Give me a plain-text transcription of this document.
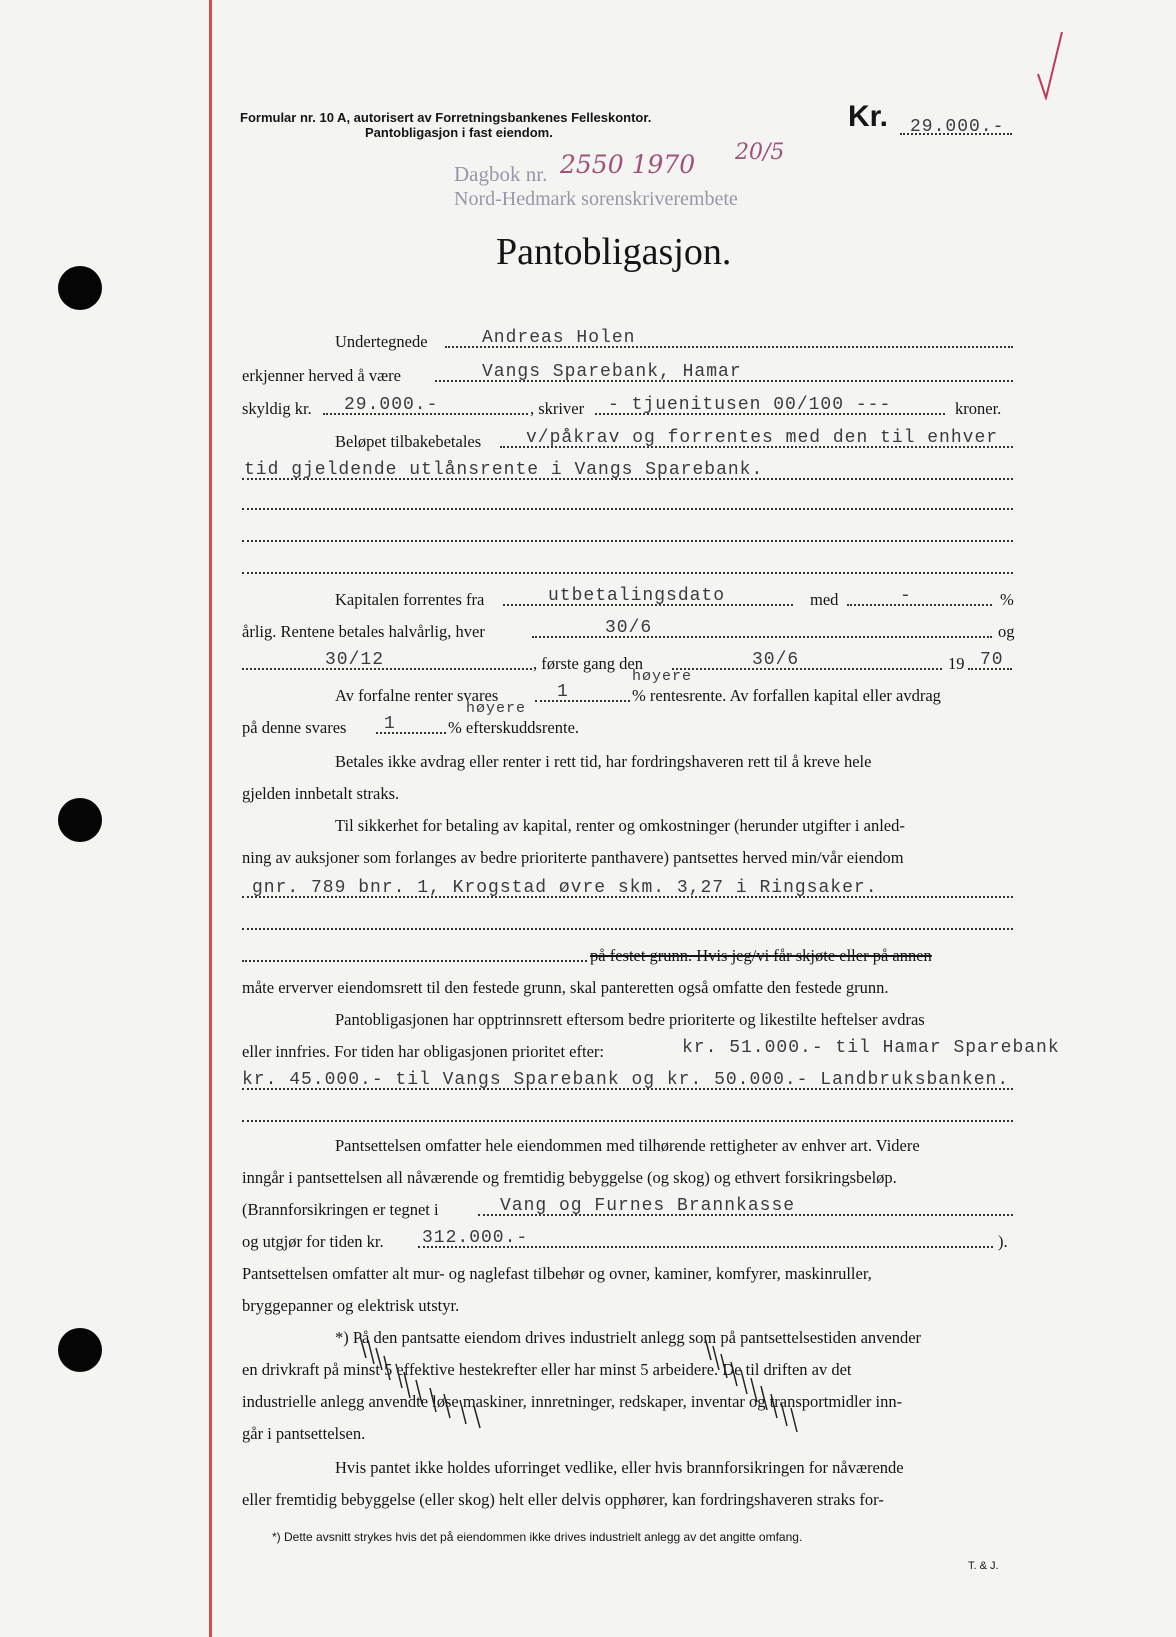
Formular nr. 10 A, autorisert av Forretningsbankenes Felleskontor.
Pantobligasjon i fast eiendom.	Kr. 29.000.-
Dagbok nr. 2550 1970 20/5
Nord-Hedmark sorenskriverembete
Pantobligasjon.
Undertegnede	Andreas Holen
erkjenner herved å være	Vangs Sparebank, Hamar
skyldig kr. 29.000.-	, skriver - tjuenitusen 00/100 ---	kroner.
Beløpet tilbakebetales v/påkrav og forrentes med den til enhver
tid gjeldende utlånsrente i Vangs Sparebank.
Kapitalen forrentes fra	utbetalingsdato	med	-	%
årlig. Rentene betales halvårlig, hver	30/6	og
30/12	, første gang den	30/6	19 70
Av forfalne renter svares	1
høyere
% rentesrente. Av forfallen kapital eller avdrag
på denne svares 1
høyere
% efterskuddsrente.
Betales ikke avdrag eller renter i rett tid, har fordringshaveren rett til å kreve hele
gjelden innbetalt straks.
Til sikkerhet for betaling av kapital, renter og omkostninger (herunder utgifter i anled-
ning av auksjoner som forlanges av bedre prioriterte panthavere) pantsettes herved min/vår eiendom
gnr. 789 bnr. 1, Krogstad øvre skm. 3,27 i Ringsaker.
på festet grunn. Hvis jeg/vi får skjøte eller på annen
måte erverver eiendomsrett til den festede grunn, skal panteretten også omfatte den festede grunn.
Pantobligasjonen har opptrinnsrett eftersom bedre prioriterte og likestilte heftelser avdras
eller innfries. For tiden har obligasjonen prioritet efter:	kr. 51.000.- til Hamar Sparebank
kr. 45.000.- til Vangs Sparebank og kr. 50.000.- Landbruksbanken.
Pantsettelsen omfatter hele eiendommen med tilhørende rettigheter av enhver art. Videre
inngår i pantsettelsen all nåværende og fremtidig bebyggelse (og skog) og ethvert forsikringsbeløp.
(Brannforsikringen er tegnet i	Vang og Furnes Brannkasse
og utgjør for tiden kr. 312.000.-	).
Pantsettelsen omfatter alt mur- og naglefast tilbehør og ovner, kaminer, komfyrer, maskinruller,
bryggepanner og elektrisk utstyr.
*) På den pantsatte eiendom drives industrielt anlegg som på pantsettelsestiden anvender
en drivkraft på minst 5 effektive hestekrefter eller har minst 5 arbeidere. De til driften av det
industrielle anlegg anvendte løse maskiner, innretninger, redskaper, inventar og transportmidler inn-
går i pantsettelsen.
Hvis pantet ikke holdes uforringet vedlike, eller hvis brannforsikringen for nåværende
eller fremtidig bebyggelse (eller skog) helt eller delvis opphører, kan fordringshaveren straks for-
*) Dette avsnitt strykes hvis det på eiendommen ikke drives industrielt anlegg av det angitte omfang.
T. & J.
